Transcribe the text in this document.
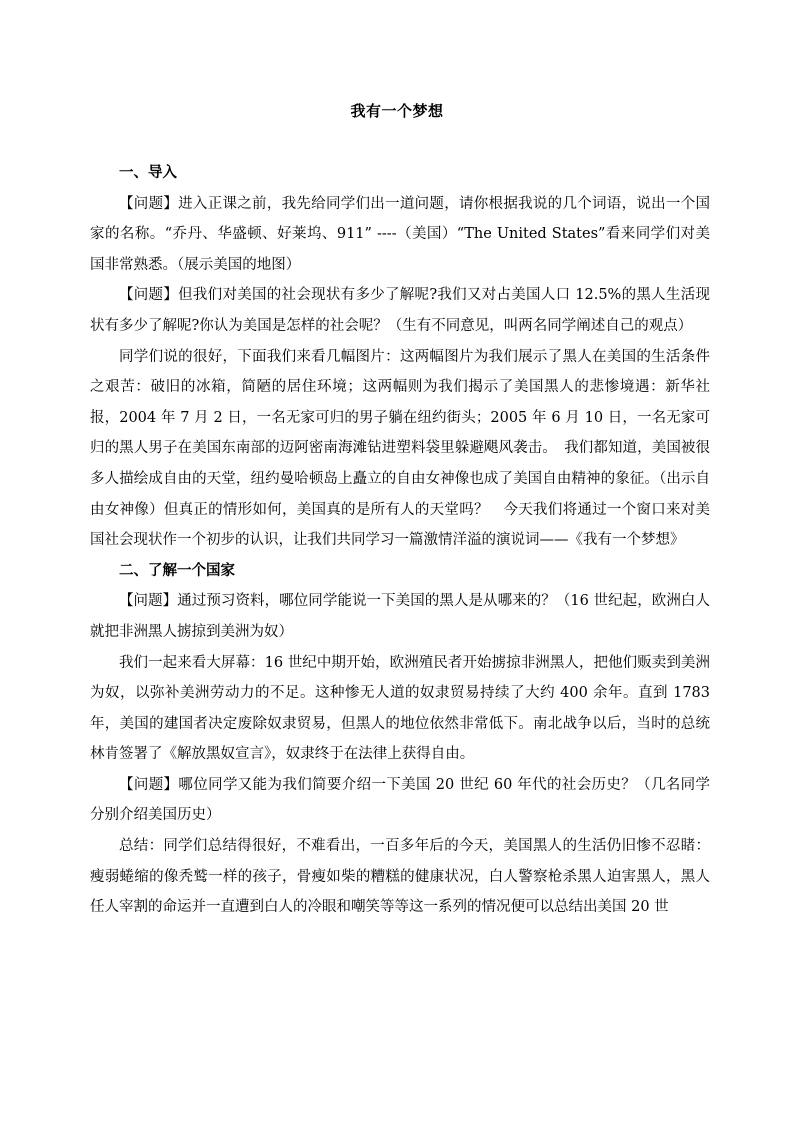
我有一个梦想

一、导入

【问题】进入正课之前，我先给同学们出一道问题，请你根据我说的几个词语，说出一个国家的名称。“乔丹、华盛顿、好莱坞、911” ----（美国）“The United States”看来同学们对美国非常熟悉。（展示美国的地图）

【问题】但我们对美国的社会现状有多少了解呢?我们又对占美国人口 12.5%的黑人生活现状有多少了解呢?你认为美国是怎样的社会呢？（生有不同意见，叫两名同学阐述自己的观点）

同学们说的很好，下面我们来看几幅图片：这两幅图片为我们展示了黑人在美国的生活条件之艰苦：破旧的冰箱，简陋的居住环境；这两幅则为我们揭示了美国黑人的悲惨境遇：新华社报，2004 年 7 月 2 日，一名无家可归的男子躺在纽约街头；2005 年 6 月 10 日，一名无家可归的黑人男子在美国东南部的迈阿密南海滩钻进塑料袋里躲避飓风袭击。　我们都知道，美国被很多人描绘成自由的天堂，纽约曼哈顿岛上矗立的自由女神像也成了美国自由精神的象征。（出示自由女神像）但真正的情形如何，美国真的是所有人的天堂吗？　今天我们将通过一个窗口来对美国社会现状作一个初步的认识，让我们共同学习一篇激情洋溢的演说词——《我有一个梦想》

二、了解一个国家

【问题】通过预习资料，哪位同学能说一下美国的黑人是从哪来的？（16 世纪起，欧洲白人就把非洲黑人掳掠到美洲为奴）

我们一起来看大屏幕：16 世纪中期开始，欧洲殖民者开始掳掠非洲黑人，把他们贩卖到美洲为奴，以弥补美洲劳动力的不足。这种惨无人道的奴隶贸易持续了大约 400 余年。直到 1783 年，美国的建国者决定废除奴隶贸易，但黑人的地位依然非常低下。南北战争以后，当时的总统林肯签署了《解放黑奴宣言》，奴隶终于在法律上获得自由。

【问题】哪位同学又能为我们简要介绍一下美国 20 世纪 60 年代的社会历史？（几名同学分别介绍美国历史）

总结：同学们总结得很好，不难看出，一百多年后的今天，美国黑人的生活仍旧惨不忍睹：瘦弱蜷缩的像秃鹫一样的孩子，骨瘦如柴的糟糕的健康状况，白人警察枪杀黑人迫害黑人，黑人任人宰割的命运并一直遭到白人的冷眼和嘲笑等等这一系列的情况便可以总结出美国 20 世
